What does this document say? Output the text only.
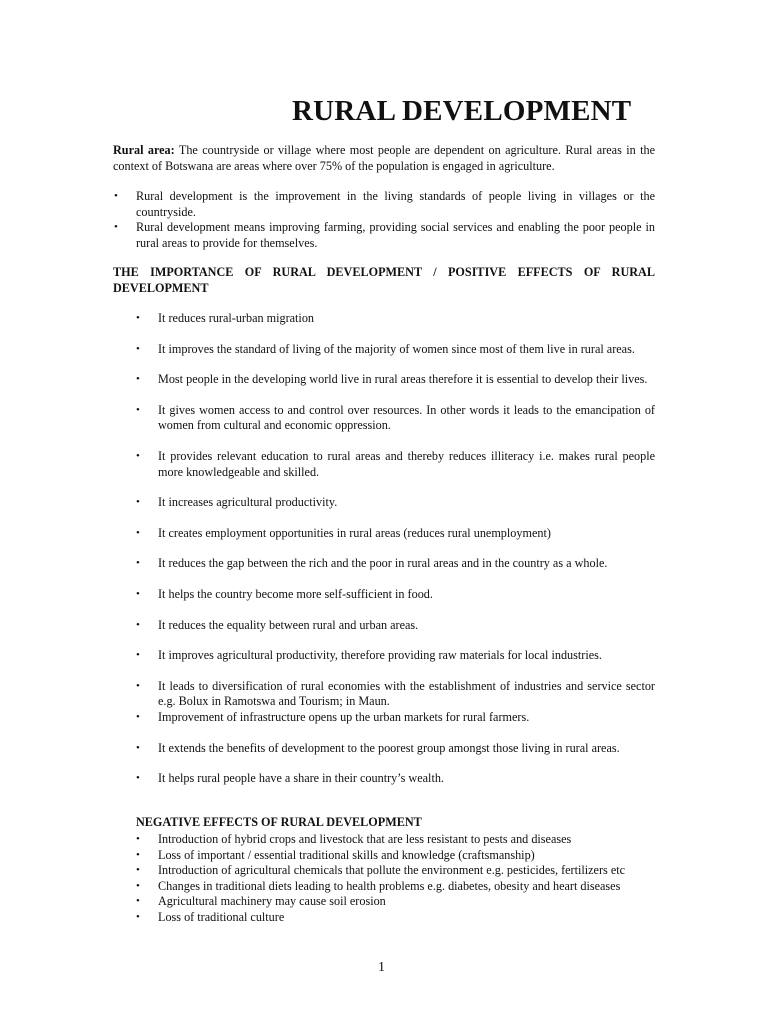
RURAL DEVELOPMENT
Rural area: The countryside or village where most people are dependent on agriculture. Rural areas in the context of Botswana are areas where over 75% of the population is engaged in agriculture.
• Rural development is the improvement in the living standards of people living in villages or the countryside.
• Rural development means improving farming, providing social services and enabling the poor people in rural areas to provide for themselves.
THE IMPORTANCE OF RURAL DEVELOPMENT / POSITIVE EFFECTS OF RURAL DEVELOPMENT
• It reduces rural-urban migration
• It improves the standard of living of the majority of women since most of them live in rural areas.
• Most people in the developing world live in rural areas therefore it is essential to develop their lives.
• It gives women access to and control over resources. In other words it leads to the emancipation of women from cultural and economic oppression.
• It provides relevant education to rural areas and thereby reduces illiteracy i.e. makes rural people more knowledgeable and skilled.
• It increases agricultural productivity.
• It creates employment opportunities in rural areas (reduces rural unemployment)
• It reduces the gap between the rich and the poor in rural areas and in the country as a whole.
• It helps the country become more self-sufficient in food.
• It reduces the equality between rural and urban areas.
• It improves agricultural productivity, therefore providing raw materials for local industries.
• It leads to diversification of rural economies with the establishment of industries and service sector e.g. Bolux in Ramotswa and Tourism; in Maun.
• Improvement of infrastructure opens up the urban markets for rural farmers.
• It extends the benefits of development to the poorest group amongst those living in rural areas.
• It helps rural people have a share in their country’s wealth.
NEGATIVE EFFECTS OF RURAL DEVELOPMENT
• Introduction of hybrid crops and livestock that are less resistant to pests and diseases
• Loss of important / essential traditional skills and knowledge (craftsmanship)
• Introduction of agricultural chemicals that pollute the environment e.g. pesticides, fertilizers etc
• Changes in traditional diets leading to health problems e.g. diabetes, obesity and heart diseases
• Agricultural machinery may cause soil erosion
• Loss of traditional culture
1
